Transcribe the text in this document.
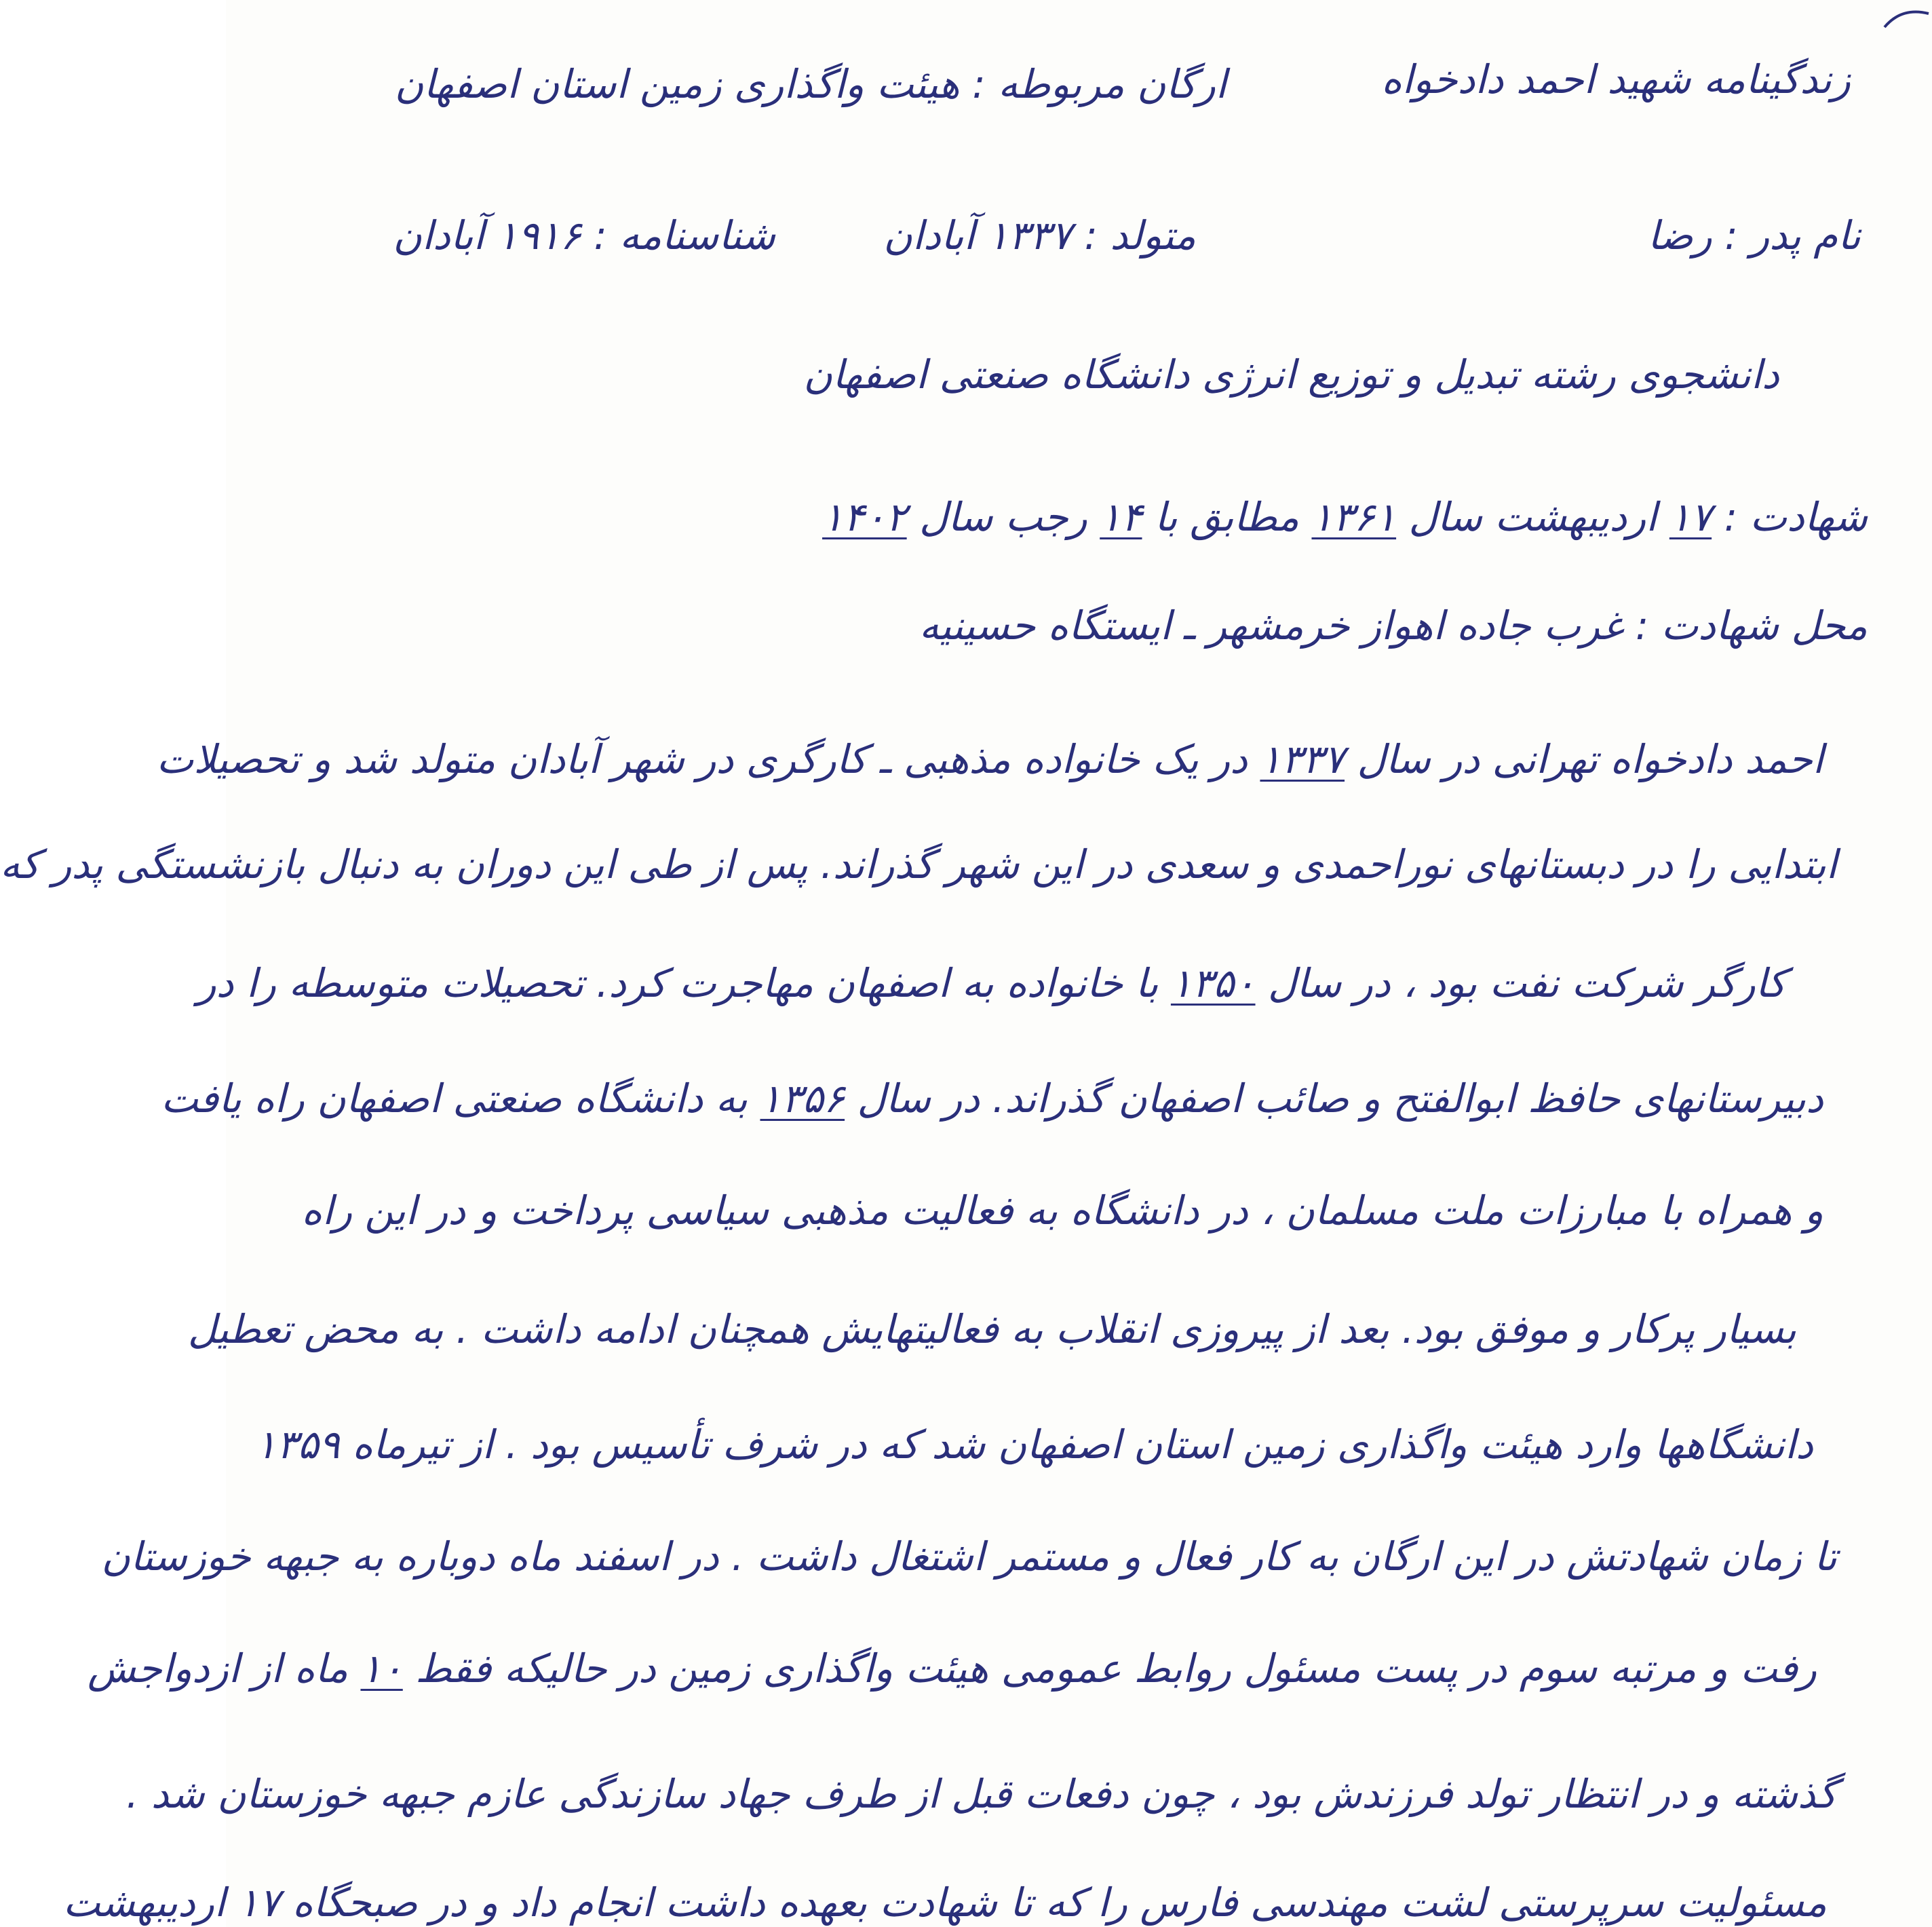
زندگینامه شهید احمد دادخواه
ارگان مربوطه : هیئت واگذاری زمین استان اصفهان
نام پدر : رضا
متولد : ۱۳۳۷ آبادان
شناسنامه : ۱۹۱۶ آبادان
دانشجوی رشته تبدیل و توزیع انرژی دانشگاه صنعتی اصفهان
شهادت : ۱۷ اردیبهشت سال ۱۳۶۱ مطابق با ۱۴ رجب سال ۱۴۰۲
محل شهادت : غرب جاده اهواز خرمشهر ـ ایستگاه حسینیه
احمد دادخواه تهرانی در سال ۱۳۳۷ در یک خانواده مذهبی ـ کارگری در شهر آبادان متولد شد و تحصیلات
ابتدایی را در دبستانهای نوراحمدی و سعدی در این شهر گذراند. پس از طی این دوران به دنبال بازنشستگی پدر که
کارگر شرکت نفت بود ، در سال ۱۳۵۰ با خانواده به اصفهان مهاجرت کرد. تحصیلات متوسطه را در
دبیرستانهای حافظ ابوالفتح و صائب اصفهان گذراند. در سال ۱۳۵۶ به دانشگاه صنعتی اصفهان راه یافت
و همراه با مبارزات ملت مسلمان ، در دانشگاه به فعالیت مذهبی سیاسی پرداخت و در این راه
بسیار پرکار و موفق بود. بعد از پیروزی انقلاب به فعالیتهایش همچنان ادامه داشت . به محض تعطیل
دانشگاهها وارد هیئت واگذاری زمین استان اصفهان شد که در شرف تأسیس بود . از تیرماه ۱۳۵۹
تا زمان شهادتش در این ارگان به کار فعال و مستمر اشتغال داشت . در اسفند ماه دوباره به جبهه خوزستان
رفت و مرتبه سوم در پست مسئول روابط عمومی هیئت واگذاری زمین در حالیکه فقط ۱۰ ماه از ازدواجش
گذشته و در انتظار تولد فرزندش بود ، چون دفعات قبل از طرف جهاد سازندگی عازم جبهه خوزستان شد .
مسئولیت سرپرستی لشت مهندسی فارس را که تا شهادت بعهده داشت انجام داد و در صبحگاه ۱۷ اردیبهشت
